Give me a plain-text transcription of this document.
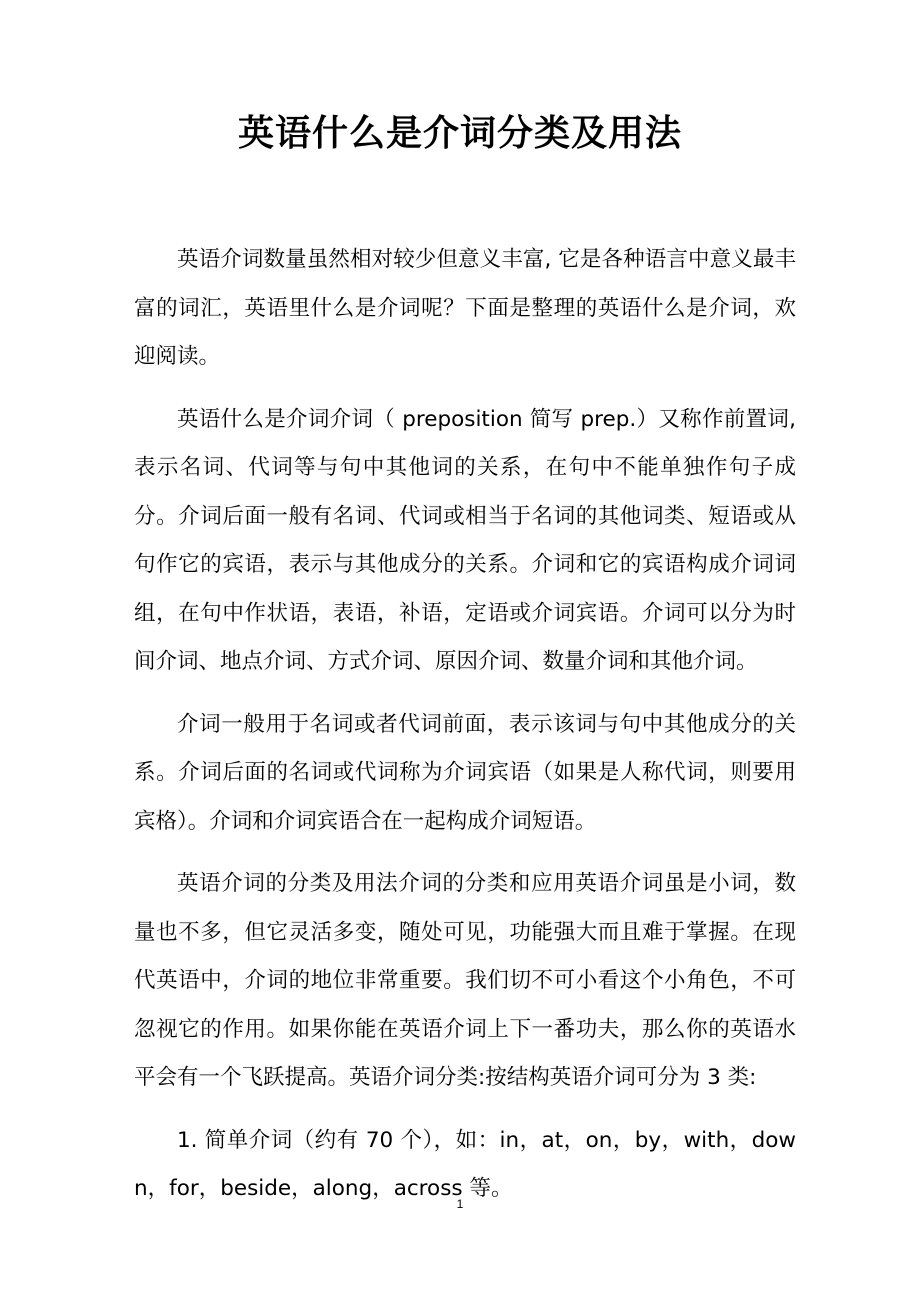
英语什么是介词分类及用法

英语介词数量虽然相对较少但意义丰富, 它是各种语言中意义最丰富的词汇，英语里什么是介词呢？下面是整理的英语什么是介词，欢迎阅读。

英语什么是介词介词（ preposition 简写 prep.）又称作前置词,表示名词、代词等与句中其他词的关系，在句中不能单独作句子成分。介词后面一般有名词、代词或相当于名词的其他词类、短语或从句作它的宾语，表示与其他成分的关系。介词和它的宾语构成介词词组，在句中作状语，表语，补语，定语或介词宾语。介词可以分为时间介词、地点介词、方式介词、原因介词、数量介词和其他介词。

介词一般用于名词或者代词前面，表示该词与句中其他成分的关系。介词后面的名词或代词称为介词宾语（如果是人称代词，则要用宾格）。介词和介词宾语合在一起构成介词短语。

英语介词的分类及用法介词的分类和应用英语介词虽是小词，数量也不多，但它灵活多变，随处可见，功能强大而且难于掌握。在现代英语中，介词的地位非常重要。我们切不可小看这个小角色，不可忽视它的作用。如果你能在英语介词上下一番功夫，那么你的英语水平会有一个飞跃提高。英语介词分类:按结构英语介词可分为 3 类:

1. 简单介词（约有 70 个），如：in，at，on，by，with，down，for，beside，along，across 等。

1
